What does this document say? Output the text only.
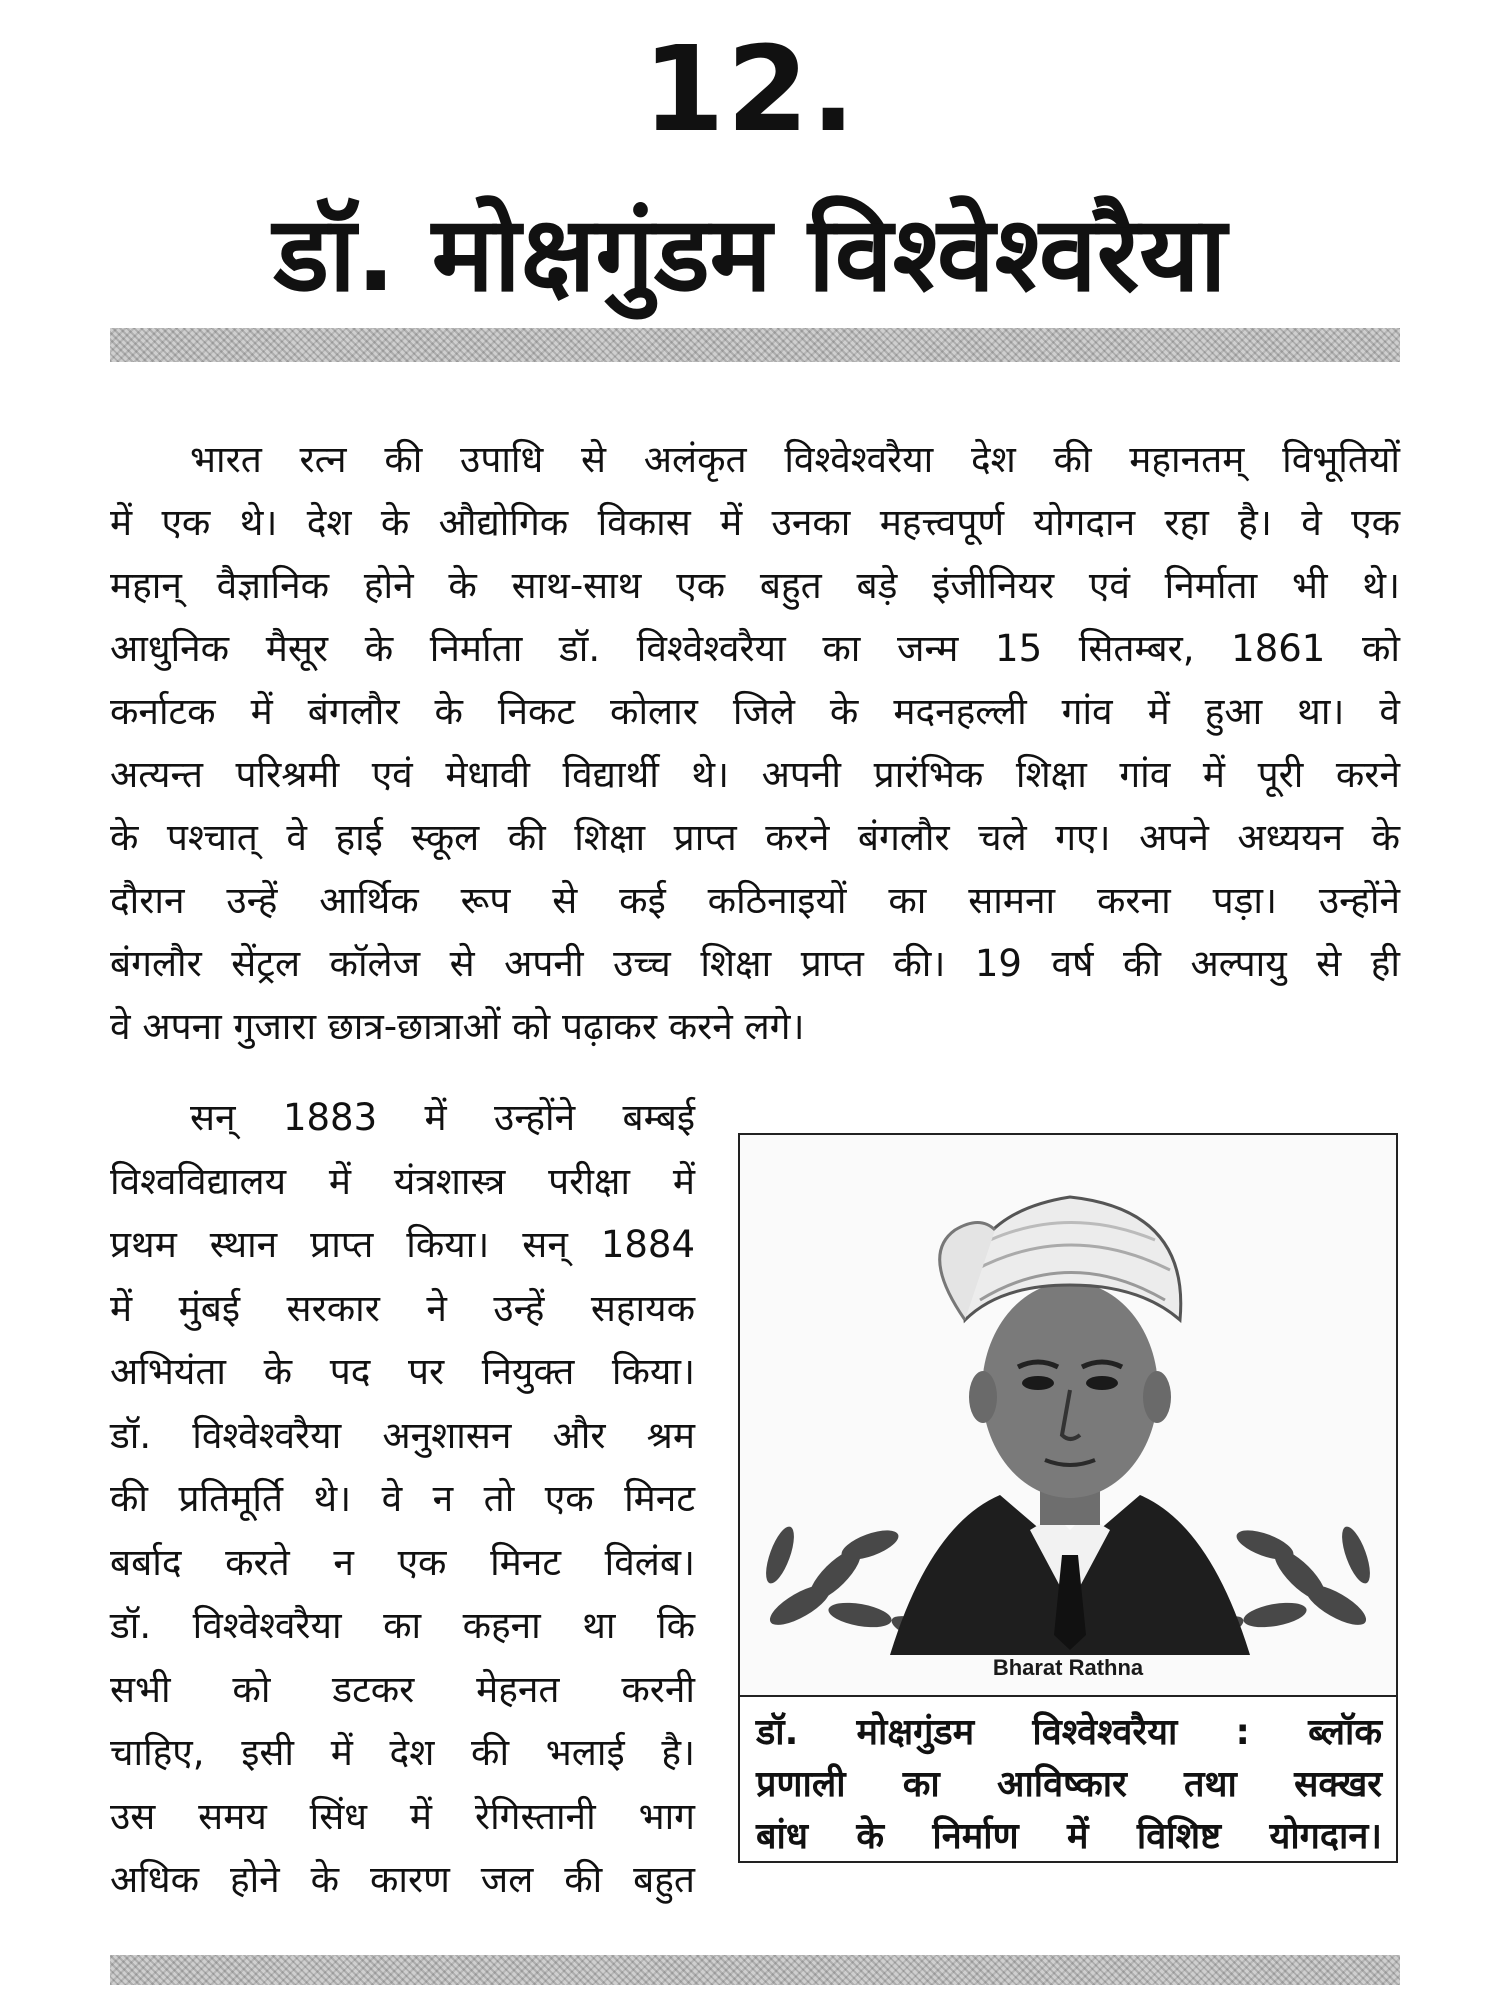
12.
डॉ. मोक्षगुंडम विश्वेश्वरैया
भारत रत्न की उपाधि से अलंकृत विश्वेश्वरैया देश की महानतम् विभूतियों
में एक थे। देश के औद्योगिक विकास में उनका महत्त्वपूर्ण योगदान रहा है। वे एक
महान् वैज्ञानिक होने के साथ-साथ एक बहुत बड़े इंजीनियर एवं निर्माता भी थे।
आधुनिक मैसूर के निर्माता डॉ. विश्वेश्वरैया का जन्म 15 सितम्बर, 1861 को
कर्नाटक में बंगलौर के निकट कोलार जिले के मदनहल्ली गांव में हुआ था। वे
अत्यन्त परिश्रमी एवं मेधावी विद्यार्थी थे। अपनी प्रारंभिक शिक्षा गांव में पूरी करने
के पश्चात् वे हाई स्कूल की शिक्षा प्राप्त करने बंगलौर चले गए। अपने अध्ययन के
दौरान उन्हें आर्थिक रूप से कई कठिनाइयों का सामना करना पड़ा। उन्होंने
बंगलौर सेंट्रल कॉलेज से अपनी उच्च शिक्षा प्राप्त की। 19 वर्ष की अल्पायु से ही
वे अपना गुजारा छात्र-छात्राओं को पढ़ाकर करने लगे।
सन् 1883 में उन्होंने बम्बई
विश्वविद्यालय में यंत्रशास्त्र परीक्षा में
प्रथम स्थान प्राप्त किया। सन् 1884
में मुंबई सरकार ने उन्हें सहायक
अभियंता के पद पर नियुक्त किया।
डॉ. विश्वेश्वरैया अनुशासन और श्रम
की प्रतिमूर्ति थे। वे न तो एक मिनट
बर्बाद करते न एक मिनट विलंब।
डॉ. विश्वेश्वरैया का कहना था कि
सभी को डटकर मेहनत करनी
चाहिए, इसी में देश की भलाई है।
उस समय सिंध में रेगिस्तानी भाग
अधिक होने के कारण जल की बहुत
Bharat Rathna
डॉ. मोक्षगुंडम विश्वेश्वरैया : ब्लॉक
प्रणाली का आविष्कार तथा सक्खर
बांध के निर्माण में विशिष्ट योगदान।
